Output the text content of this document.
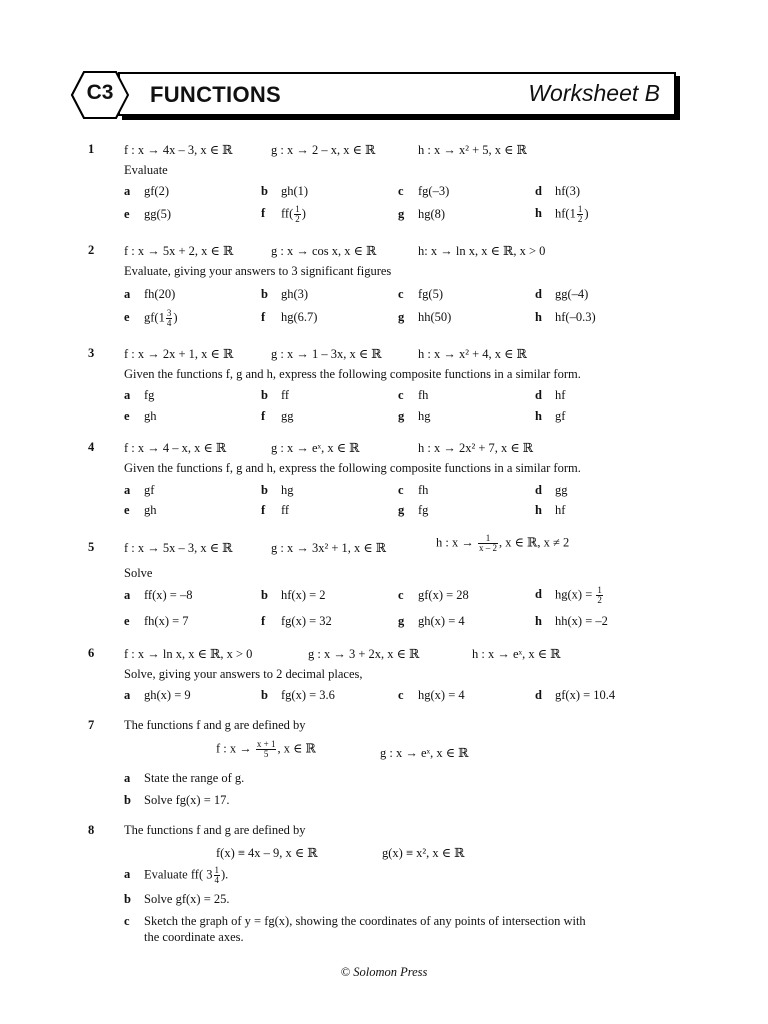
FUNCTIONS	Worksheet B
C3
1 f : x → 4x – 3, x ∈ ℝ	g : x → 2 – x, x ∈ ℝ	h : x → x² + 5, x ∈ ℝ
Evaluate
a gf(2)	b gh(1)	c fg(–3)	d hf(3)
e gg(5)	f $ff( \frac{1}{2}$ )	g hg(8)	h $hf(1 \frac{1}{2}$ )
2 f : x → 5x + 2, x ∈ ℝ	g : x → cos x, x ∈ ℝ	h: x → ln x, x ∈ ℝ, x > 0
Evaluate, giving your answers to 3 significant figures
a fh(20)	b gh(3)	c fg(5)	d gg(–4)
e $gf(1 \frac{3}{4}$ )	f hg(6.7)	g hh(50)	h hf(–0.3)
3 f : x → 2x + 1, x ∈ ℝ	g : x → 1 – 3x, x ∈ ℝ	h : x → x² + 4, x ∈ ℝ
Given the functions f, g and h, express the following composite functions in a similar form.
a fg	b ff	c fh	d hf
e gh	f gg	g hg	h gf
4 f : x → 4 – x, x ∈ ℝ	g : x → eˣ, x ∈ ℝ	h : x → 2x² + 7, x ∈ ℝ
Given the functions f, g and h, express the following composite functions in a similar form.
a gf	b hg	c fh	d gg
e gh	f ff	g fg	h hf
5 f : x → 5x – 3, x ∈ ℝ	g : x → 3x² + 1, x ∈ ℝ	h : $x \to \frac{1}{x - 2}$ , x ∈ ℝ, x ≠ 2
Solve
a ff(x) = –8	b hf(x) = 2	c gf(x) = 28	d $hg(x) = \frac{1}{2}$
e fh(x) = 7	f fg(x) = 32	g gh(x) = 4	h hh(x) = –2
6 f : x → ln x, x ∈ ℝ, x > 0	g : x → 3 + 2x, x ∈ ℝ	h : x → eˣ, x ∈ ℝ
Solve, giving your answers to 2 decimal places,
a gh(x) = 9	b fg(x) = 3.6	c hg(x) = 4	d gf(x) = 10.4
7 The functions f and g are defined by
f : $x \to \frac{x + 1}{5}$ , x ∈ ℝ	g : x → eˣ, x ∈ ℝ
a State the range of g.
b Solve fg(x) = 17.
8 The functions f and g are defined by
f(x) ≡ 4x – 9, x ∈ ℝ	g(x) ≡ x², x ∈ ℝ
a Evaluate ff( $3 \frac{1}{4}$ ).
b Solve gf(x) = 25.
c Sketch the graph of y = fg(x), showing the coordinates of any points of intersection with
the coordinate axes.
© Solomon Press
